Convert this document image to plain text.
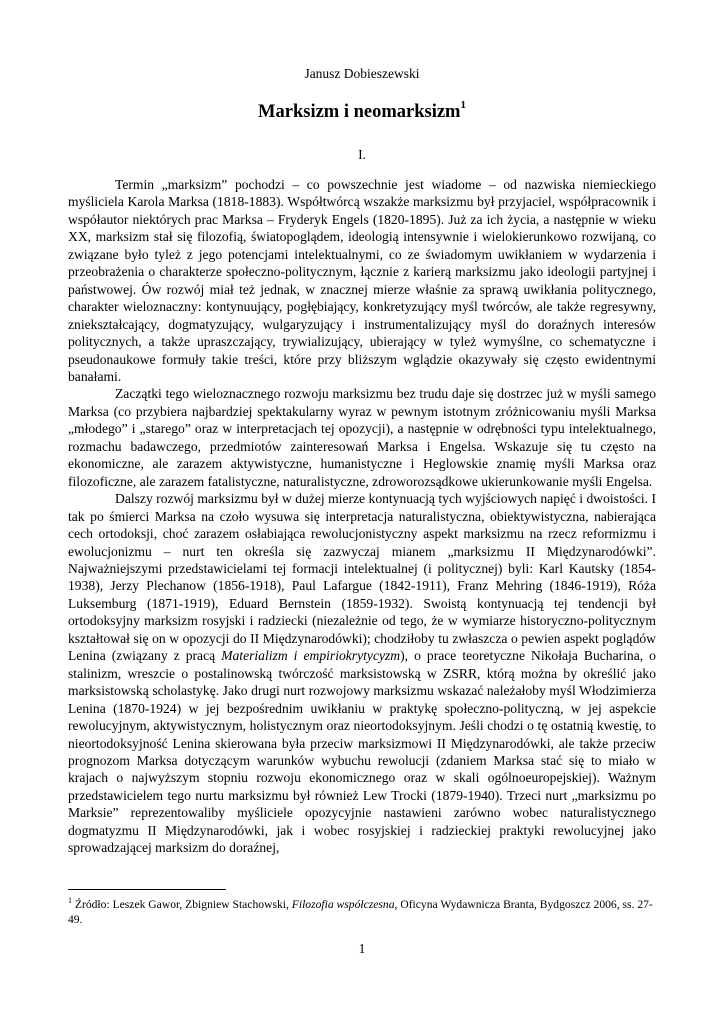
Janusz Dobieszewski
Marksizm i neomarksizm$^1$
I.

Termin „marksizm” pochodzi – co powszechnie jest wiadome – od nazwiska niemieckiego myśliciela Karola Marksa (1818-1883). Współtwórcą wszakże marksizmu był przyjaciel, współpracownik i współautor niektórych prac Marksa – Fryderyk Engels (1820-1895). Już za ich życia, a następnie w wieku XX, marksizm stał się filozofią, światopoglądem, ideologią intensywnie i wielokierunkowo rozwijaną, co związane było tyleż z jego potencjami intelektualnymi, co ze świadomym uwikłaniem w wydarzenia i przeobrażenia o charakterze społeczno-politycznym, łącznie z karierą marksizmu jako ideologii partyjnej i państwowej. Ów rozwój miał też jednak, w znacznej mierze właśnie za sprawą uwikłania politycznego, charakter wieloznaczny: kontynuujący, pogłębiający, konkretyzujący myśl twórców, ale także regresywny, zniekształcający, dogmatyzujący, wulgaryzujący i instrumentalizujący myśl do doraźnych interesów politycznych, a także upraszczający, trywializujący, ubierający w tyleż wymyślne, co schematyczne i pseudonaukowe formuły takie treści, które przy bliższym wglądzie okazywały się często ewidentnymi banałami.

Zaczątki tego wieloznacznego rozwoju marksizmu bez trudu daje się dostrzec już w myśli samego Marksa (co przybiera najbardziej spektakularny wyraz w pewnym istotnym zróżnicowaniu myśli Marksa „młodego” i „starego” oraz w interpretacjach tej opozycji), a następnie w odrębności typu intelektualnego, rozmachu badawczego, przedmiotów zainteresowań Marksa i Engelsa. Wskazuje się tu często na ekonomiczne, ale zarazem aktywistyczne, humanistyczne i Heglowskie znamię myśli Marksa oraz filozoficzne, ale zarazem fatalistyczne, naturalistyczne, zdroworozsądkowe ukierunkowanie myśli Engelsa.

Dalszy rozwój marksizmu był w dużej mierze kontynuacją tych wyjściowych napięć i dwoistości. I tak po śmierci Marksa na czoło wysuwa się interpretacja naturalistyczna, obiektywistyczna, nabierająca cech ortodoksji, choć zarazem osłabiająca rewolucjonistyczny aspekt marksizmu na rzecz reformizmu i ewolucjonizmu – nurt ten określa się zazwyczaj mianem „marksizmu II Międzynarodówki”. Najważniejszymi przedstawicielami tej formacji intelektualnej (i politycznej) byli: Karl Kautsky (1854-1938), Jerzy Plechanow (1856-1918), Paul Lafargue (1842-1911), Franz Mehring (1846-1919), Róża Luksemburg (1871-1919), Eduard Bernstein (1859-1932). Swoistą kontynuacją tej tendencji był ortodoksyjny marksizm rosyjski i radziecki (niezależnie od tego, że w wymiarze historyczno-politycznym kształtował się on w opozycji do II Międzynarodówki); chodziłoby tu zwłaszcza o pewien aspekt poglądów Lenina (związany z pracą Materializm i empiriokrytycyzm), o prace teoretyczne Nikołaja Bucharina, o stalinizm, wreszcie o postalinowską twórczość marksistowską w ZSRR, którą można by określić jako marksistowską scholastykę. Jako drugi nurt rozwojowy marksizmu wskazać należałoby myśl Włodzimierza Lenina (1870-1924) w jej bezpośrednim uwikłaniu w praktykę społeczno-polityczną, w jej aspekcie rewolucyjnym, aktywistycznym, holistycznym oraz nieortodoksyjnym. Jeśli chodzi o tę ostatnią kwestię, to nieortodoksyjność Lenina skierowana była przeciw marksizmowi II Międzynarodówki, ale także przeciw prognozom Marksa dotyczącym warunków wybuchu rewolucji (zdaniem Marksa stać się to miało w krajach o najwyższym stopniu rozwoju ekonomicznego oraz w skali ogólnoeuropejskiej). Ważnym przedstawicielem tego nurtu marksizmu był również Lew Trocki (1879-1940). Trzeci nurt „marksizmu po Marksie” reprezentowaliby myśliciele opozycyjnie nastawieni zarówno wobec naturalistycznego dogmatyzmu II Międzynarodówki, jak i wobec rosyjskiej i radzieckiej praktyki rewolucyjnej jako sprowadzającej marksizm do doraźnej,

$^1$ Źródło: Leszek Gawor, Zbigniew Stachowski, Filozofia współczesna, Oficyna Wydawnicza Branta, Bydgoszcz 2006, ss. 27-49.
1
